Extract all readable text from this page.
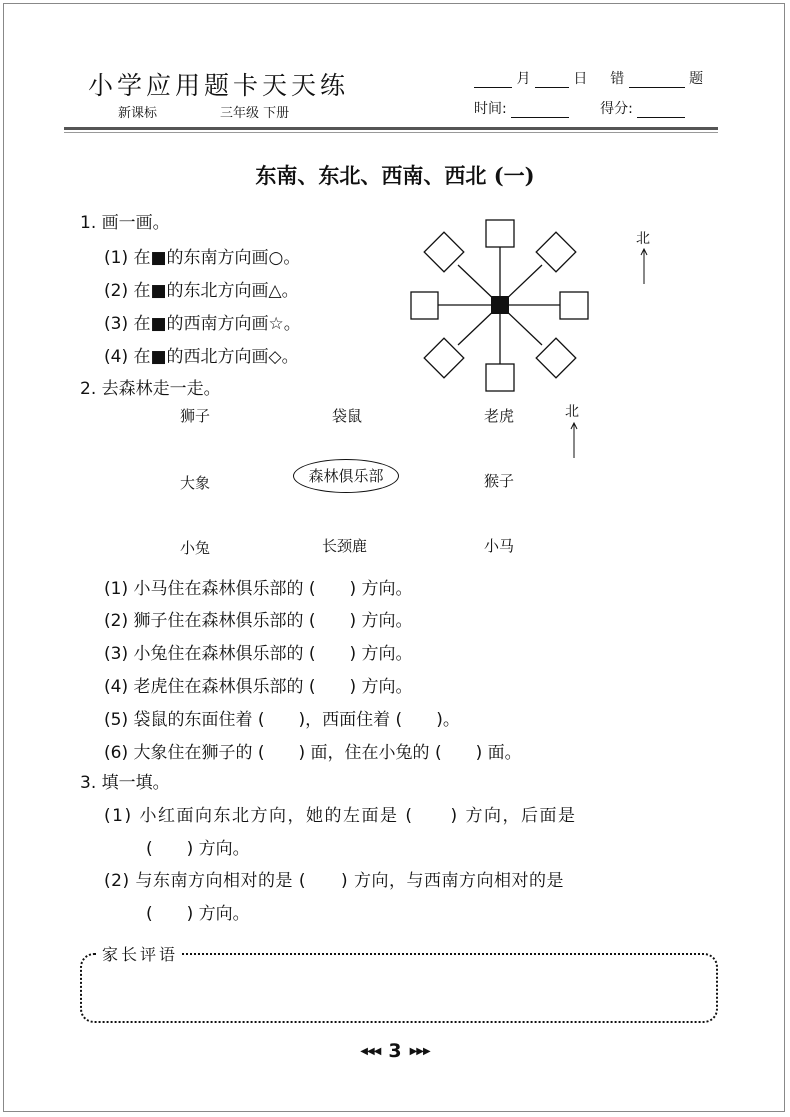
小学应用题卡天天练
新课标	三年级 下册
月	日 错	题
时间:	得分:
东南、东北、西南、西北 (一)
1. 画一画。
(1) 在■的东南方向画○。
(2) 在■的东北方向画△。
(3) 在■的西南方向画☆。
(4) 在■的西北方向画◇。
北
2. 去森林走一走。
狮子	袋鼠	老虎
大象	森林俱乐部	猴子
小兔	长颈鹿	小马
北
(1) 小马住在森林俱乐部的 (　　) 方向。
(2) 狮子住在森林俱乐部的 (　　) 方向。
(3) 小兔住在森林俱乐部的 (　　) 方向。
(4) 老虎住在森林俱乐部的 (　　) 方向。
(5) 袋鼠的东面住着 (　　)，西面住着 (　　)。
(6) 大象住在狮子的 (　　) 面，住在小兔的 (　　) 面。
3. 填一填。
(1) 小红面向东北方向，她的左面是 (　　) 方向，后面是
(　　) 方向。
(2) 与东南方向相对的是 (　　) 方向，与西南方向相对的是
(　　) 方向。
家长评语
◀◀◀ 3 ▶▶▶
